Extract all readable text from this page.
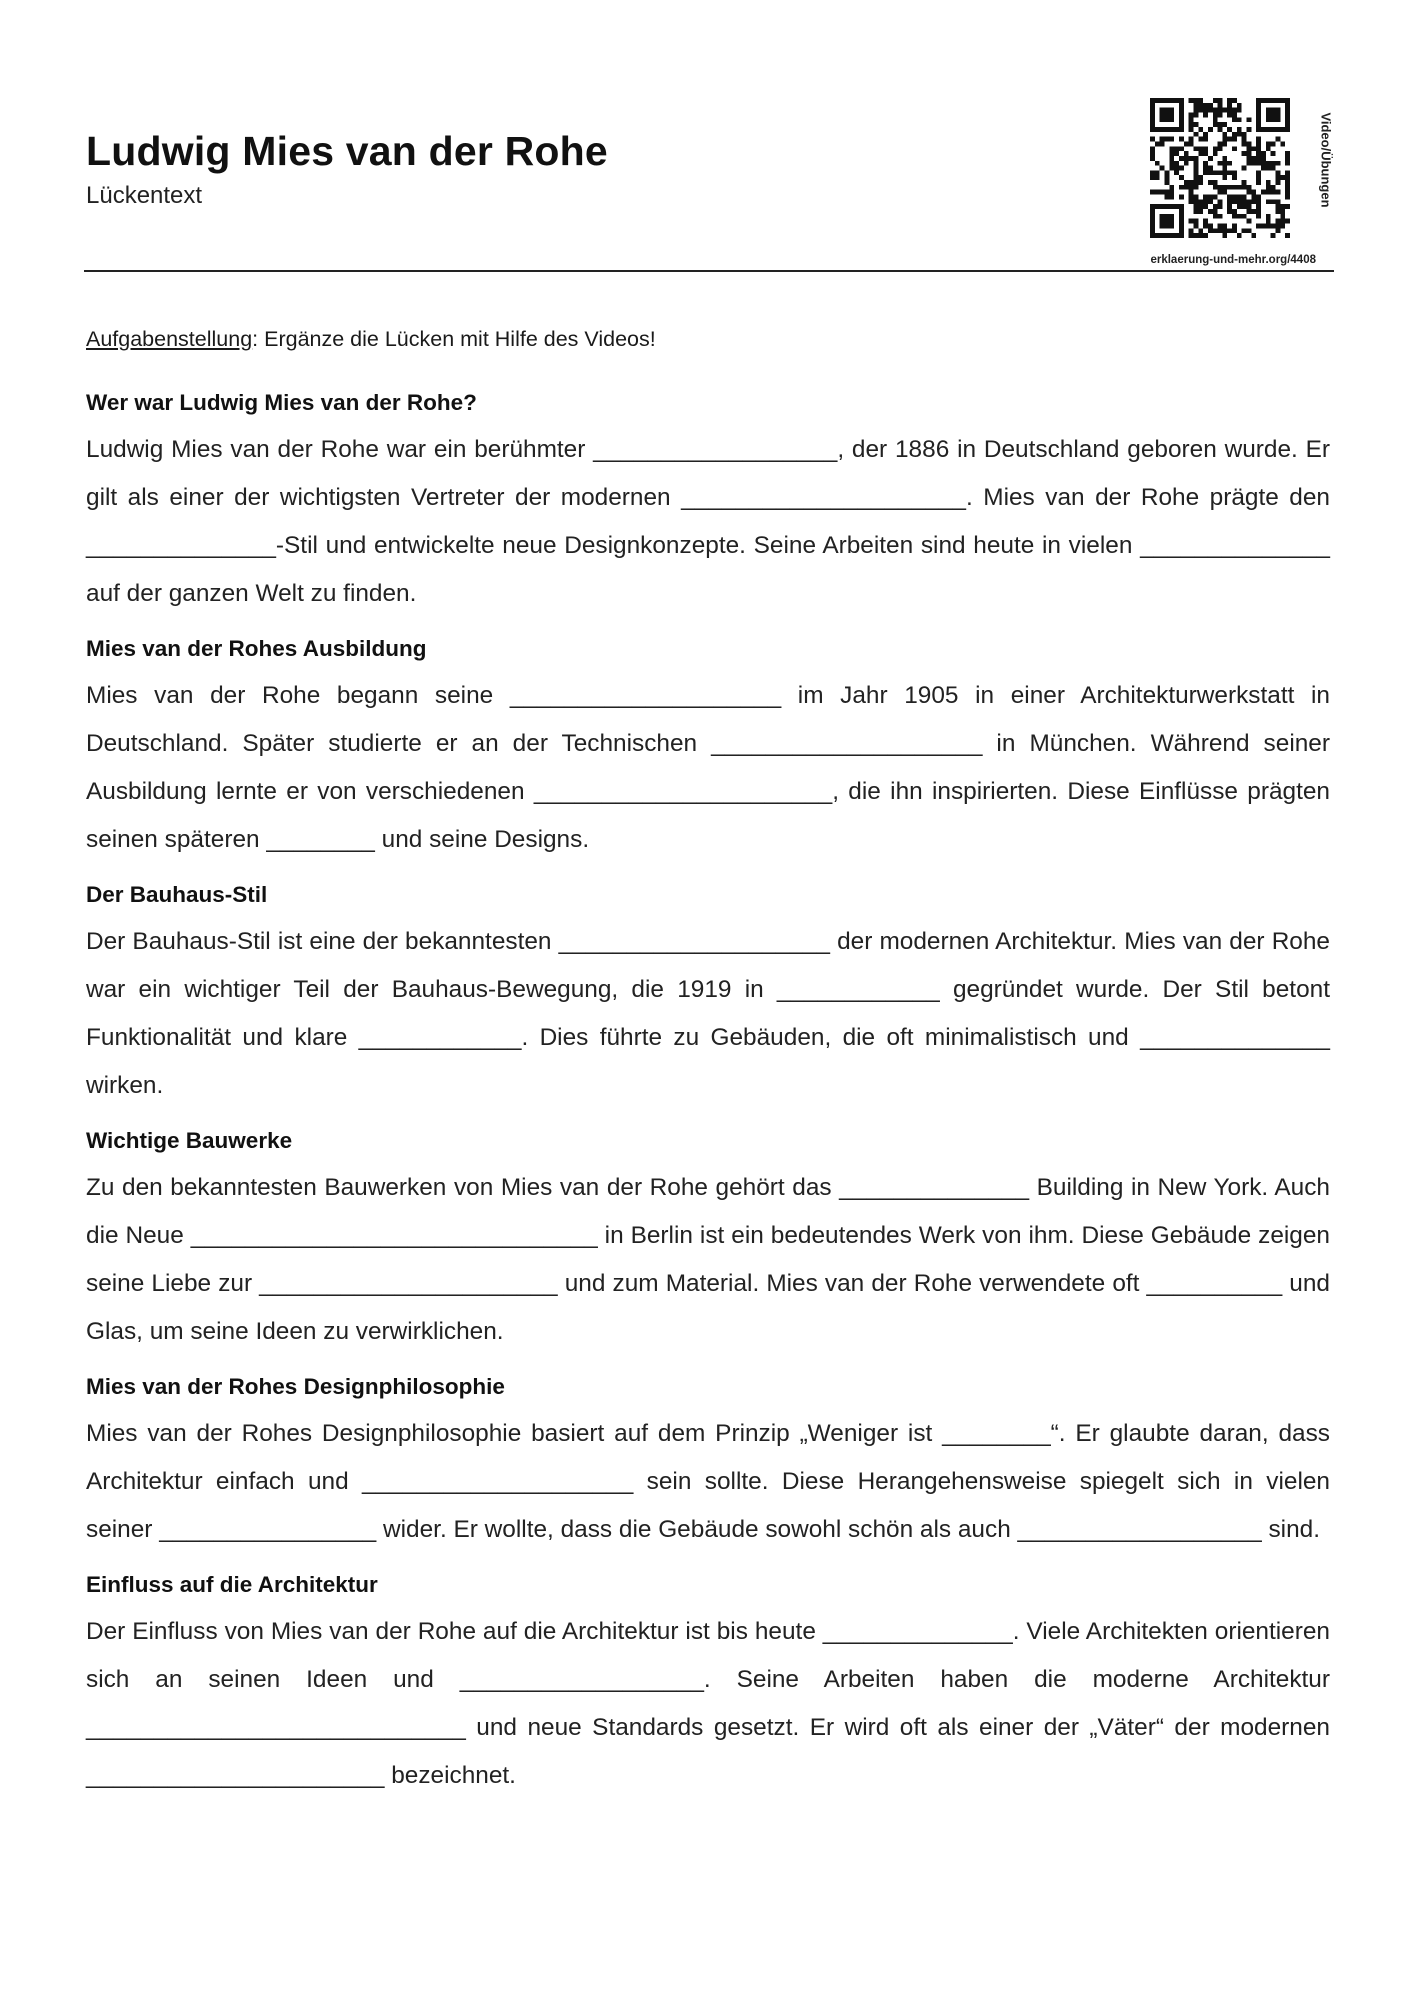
Ludwig Mies van der Rohe
Lückentext	Video/Übungen
erklaerung-und-mehr.org/4408

Aufgabenstellung: Ergänze die Lücken mit Hilfe des Videos!

Wer war Ludwig Mies van der Rohe?

Ludwig Mies van der Rohe war ein berühmter __________________, der 1886 in Deutschland geboren wurde. Er gilt als einer der wichtigsten Vertreter der modernen _____________________. Mies van der Rohe prägte den ______________-Stil und entwickelte neue Designkonzepte. Seine Arbeiten sind heute in vielen ______________ auf der ganzen Welt zu finden.

Mies van der Rohes Ausbildung

Mies van der Rohe begann seine ____________________ im Jahr 1905 in einer Architekturwerkstatt in Deutschland. Später studierte er an der Technischen ____________________ in München. Während seiner Ausbildung lernte er von verschiedenen ______________________, die ihn inspirierten. Diese Einflüsse prägten seinen späteren ________ und seine Designs.

Der Bauhaus-Stil

Der Bauhaus-Stil ist eine der bekanntesten ____________________ der modernen Architektur. Mies van der Rohe war ein wichtiger Teil der Bauhaus-Bewegung, die 1919 in ____________ gegründet wurde. Der Stil betont Funktionalität und klare ____________. Dies führte zu Gebäuden, die oft minimalistisch und ______________ wirken.

Wichtige Bauwerke

Zu den bekanntesten Bauwerken von Mies van der Rohe gehört das ______________ Building in New York. Auch die Neue ______________________________ in Berlin ist ein bedeutendes Werk von ihm. Diese Gebäude zeigen seine Liebe zur ______________________ und zum Material. Mies van der Rohe verwendete oft __________ und Glas, um seine Ideen zu verwirklichen.

Mies van der Rohes Designphilosophie

Mies van der Rohes Designphilosophie basiert auf dem Prinzip „Weniger ist ________“. Er glaubte daran, dass Architektur einfach und ____________________ sein sollte. Diese Herangehensweise spiegelt sich in vielen seiner ________________ wider. Er wollte, dass die Gebäude sowohl schön als auch __________________ sind.

Einfluss auf die Architektur

Der Einfluss von Mies van der Rohe auf die Architektur ist bis heute ______________. Viele Architekten orientieren sich an seinen Ideen und __________________. Seine Arbeiten haben die moderne Architektur ____________________________ und neue Standards gesetzt. Er wird oft als einer der „Väter“ der modernen ______________________ bezeichnet.
